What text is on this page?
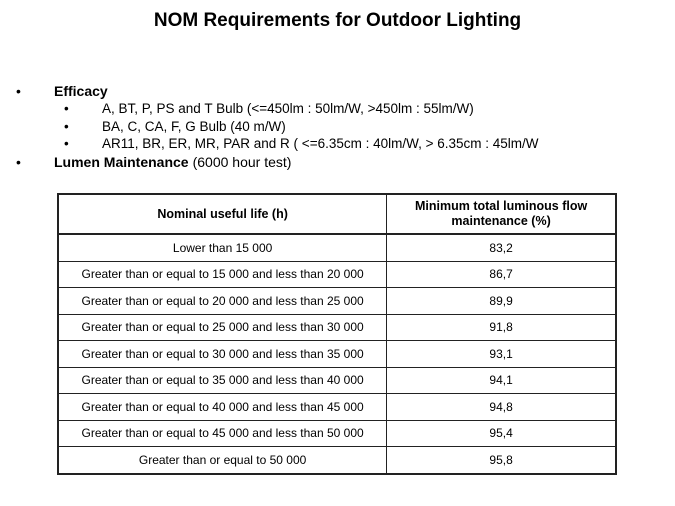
NOM Requirements for Outdoor Lighting
• Efficacy
• A, BT, P, PS and T Bulb (<=450lm : 50lm/W, >450lm : 55lm/W)
• BA, C, CA, F, G Bulb (40 m/W)
• AR11, BR, ER, MR, PAR and R ( <=6.35cm : 40lm/W, > 6.35cm : 45lm/W
• Lumen Maintenance (6000 hour test)
Nominal useful life (h)	Minimum total luminous flow maintenance (%)
Lower than 15 000	83,2
Greater than or equal to 15 000 and less than 20 000	86,7
Greater than or equal to 20 000 and less than 25 000	89,9
Greater than or equal to 25 000 and less than 30 000	91,8
Greater than or equal to 30 000 and less than 35 000	93,1
Greater than or equal to 35 000 and less than 40 000	94,1
Greater than or equal to 40 000 and less than 45 000	94,8
Greater than or equal to 45 000 and less than 50 000	95,4
Greater than or equal to 50 000	95,8
